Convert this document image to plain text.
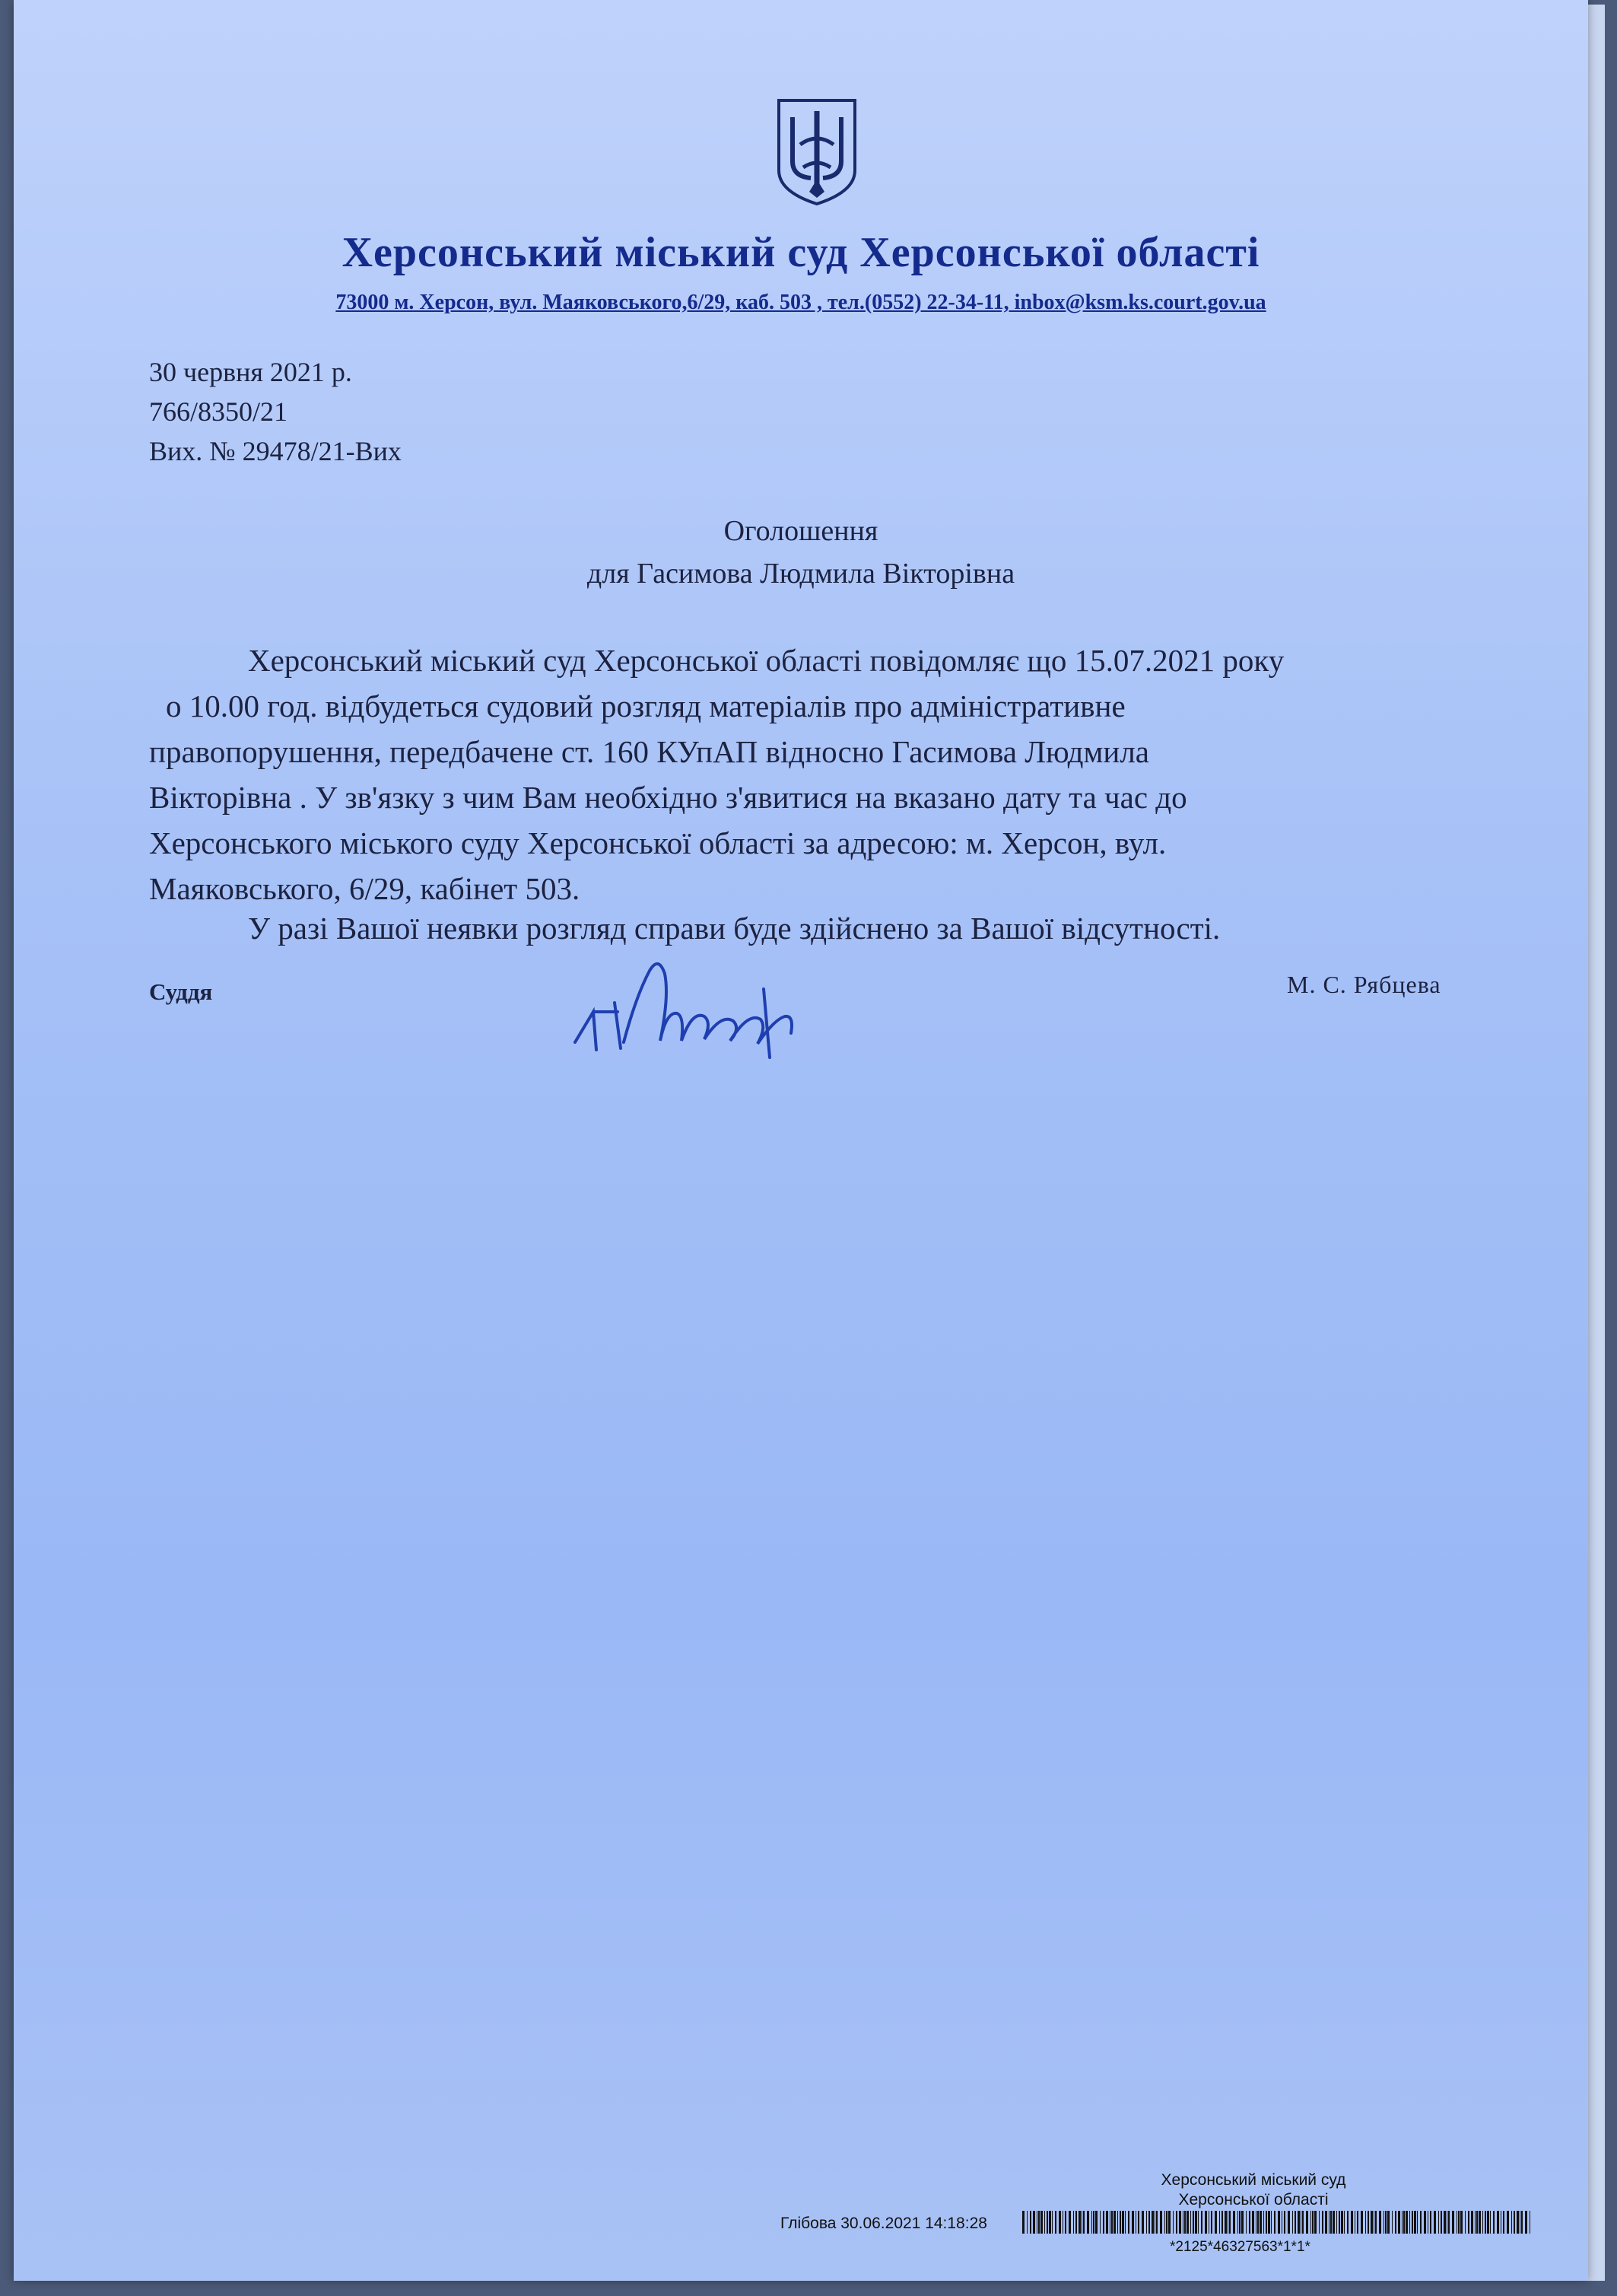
Херсонський міський суд Херсонської області
73000 м. Херсон, вул. Маяковського,6/29, каб. 503 , тел.(0552) 22-34-11, inbox@ksm.ks.court.gov.ua
30 червня 2021 р.
766/8350/21
Вих. № 29478/21-Вих
Оголошення
для Гасимова Людмила Вікторівна
Херсонський міський суд Херсонської області повідомляє що 15.07.2021 року
о 10.00 год. відбудеться судовий розгляд матеріалів про адміністративне
правопорушення, передбачене ст. 160 КУпАП відносно Гасимова Людмила
Вікторівна . У зв'язку з чим Вам необхідно з'явитися на вказано дату та час до
Херсонського міського суду Херсонської області за адресою: м. Херсон, вул.
Маяковського, 6/29, кабінет 503.
У разі Вашої неявки розгляд справи буде здійснено за Вашої відсутності.
Суддя	М. С. Рябцева
Херсонський міський суд
Херсонської області
Глібова 30.06.2021 14:18:28
*2125*46327563*1*1*
